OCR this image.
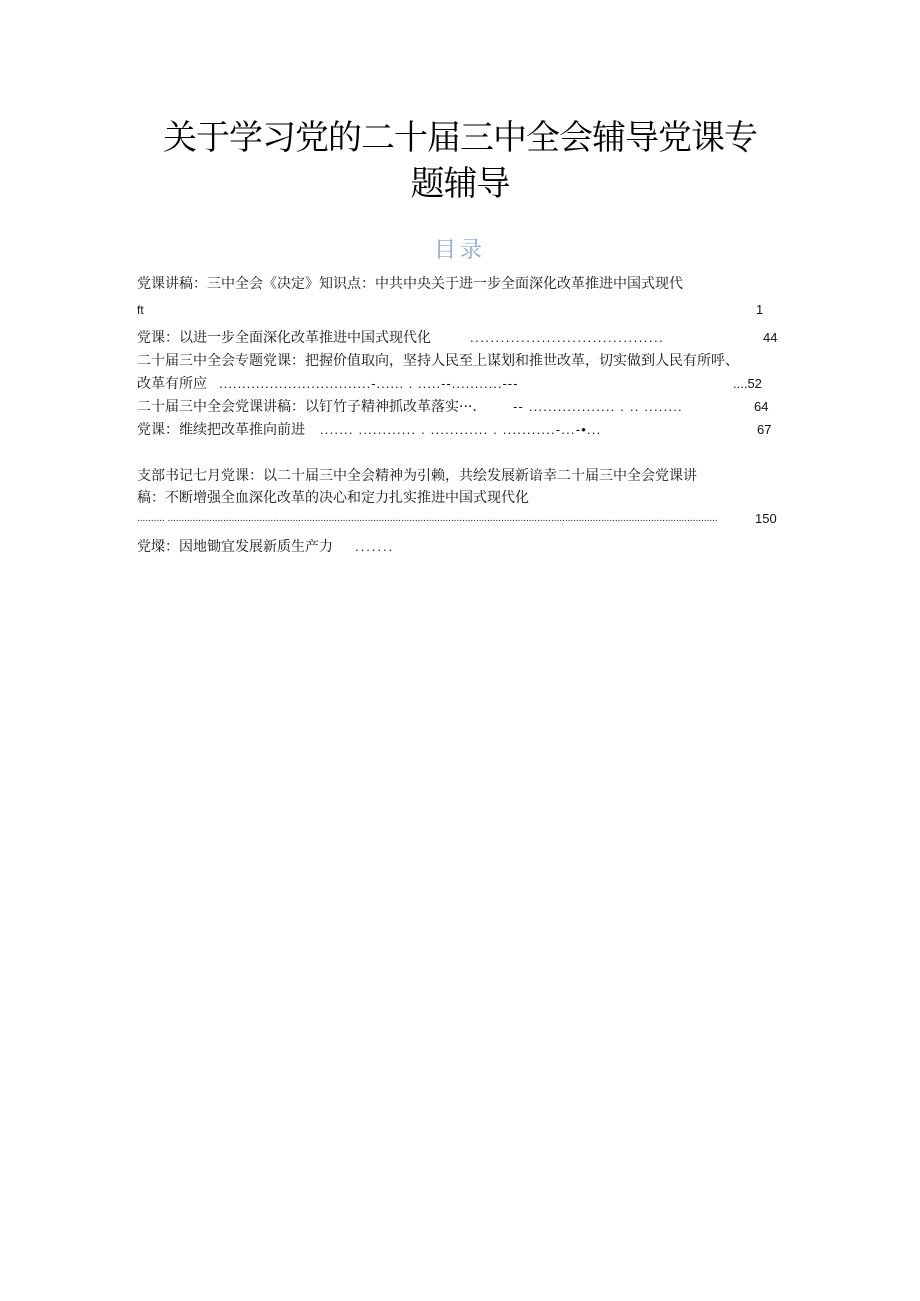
关于学习党的二十届三中全会辅导党课专
题辅导
目录
党课讲稿：三中全会《决定》知识点：中共中央关于进一步全面深化改革推进中国式现代
ft	1
党课：以进一步全面深化改革推进中国式现代化	......................................	44
二十届三中全会专题党课：把握价值取向，坚持人民至上谋划和推世改革，切实做到人民有所呼、
改革有所应 .................................-...... . .....--...........---	....52
二十届三中全会党课讲稿：以钉竹子精神抓改革落实···.	-- .................. . .. ........	64
党课：维续把改革推向前进 ....... ............ . ............ . ...........-...-•...	67
支部书记七月党课：以二十届三中全会精神为引赖，共绘发展新谙幸二十届三中全会党课讲
稿：不断增强全血深化改革的决心和定力扎实推进中国式现代化
.......... ......................................................................................................................................................................................................	150
党墚：因地锄宜发展新质生产力 .......
